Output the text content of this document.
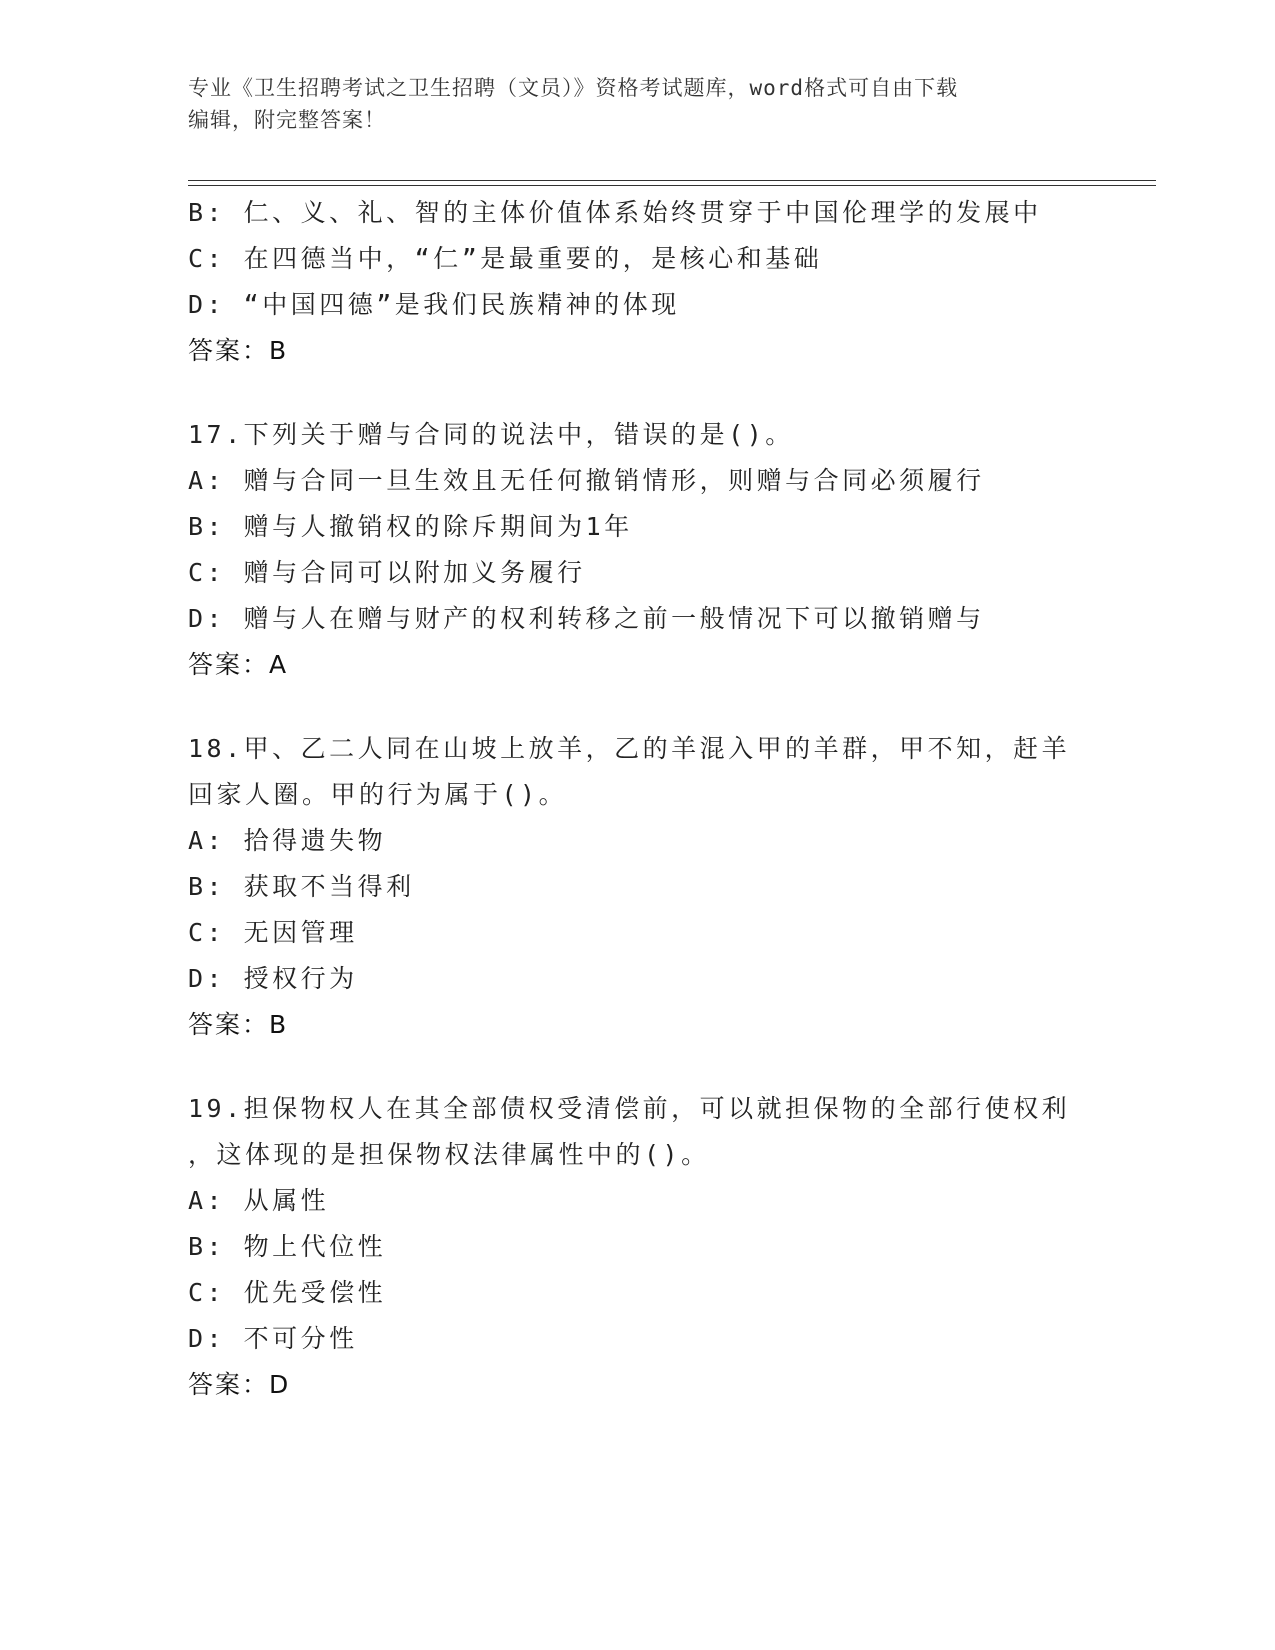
专业《卫生招聘考试之卫生招聘（文员）》资格考试题库，word格式可自由下载
编辑，附完整答案！
B: 仁、义、礼、智的主体价值体系始终贯穿于中国伦理学的发展中
C: 在四德当中，“仁”是最重要的，是核心和基础
D: “中国四德”是我们民族精神的体现
答案：B
17.下列关于赠与合同的说法中，错误的是()。
A: 赠与合同一旦生效且无任何撤销情形，则赠与合同必须履行
B: 赠与人撤销权的除斥期间为1年
C: 赠与合同可以附加义务履行
D: 赠与人在赠与财产的权利转移之前一般情况下可以撤销赠与
答案：A
18.甲、乙二人同在山坡上放羊，乙的羊混入甲的羊群，甲不知，赶羊
回家人圈。甲的行为属于()。
A: 拾得遗失物
B: 获取不当得利
C: 无因管理
D: 授权行为
答案：B
19.担保物权人在其全部债权受清偿前，可以就担保物的全部行使权利
，这体现的是担保物权法律属性中的()。
A: 从属性
B: 物上代位性
C: 优先受偿性
D: 不可分性
答案：D
